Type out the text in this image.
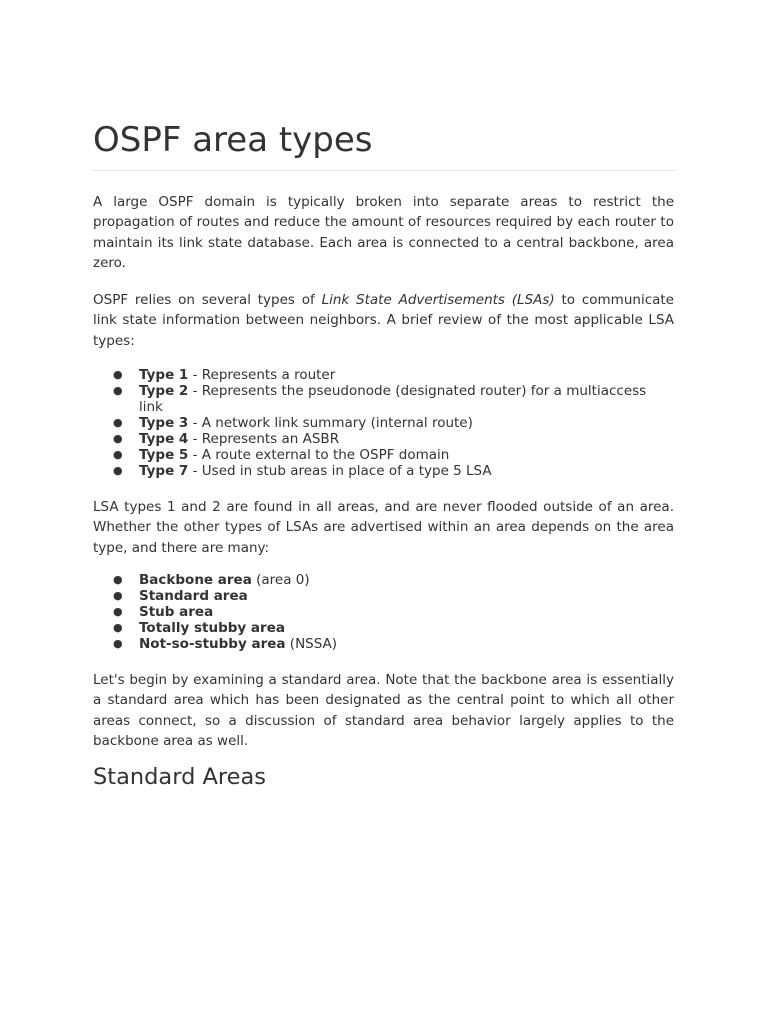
OSPF area types

A large OSPF domain is typically broken into separate areas to restrict the propagation of routes and reduce the amount of resources required by each router to maintain its link state database. Each area is connected to a central backbone, area zero.

OSPF relies on several types of Link State Advertisements (LSAs) to communicate link state information between neighbors. A brief review of the most applicable LSA types:

● Type 1 - Represents a router
● Type 2 - Represents the pseudonode (designated router) for a multiaccess link
● Type 3 - A network link summary (internal route)
● Type 4 - Represents an ASBR
● Type 5 - A route external to the OSPF domain
● Type 7 - Used in stub areas in place of a type 5 LSA

LSA types 1 and 2 are found in all areas, and are never flooded outside of an area. Whether the other types of LSAs are advertised within an area depends on the area type, and there are many:

● Backbone area (area 0)
● Standard area
● Stub area
● Totally stubby area
● Not-so-stubby area (NSSA)

Let's begin by examining a standard area. Note that the backbone area is essentially a standard area which has been designated as the central point to which all other areas connect, so a discussion of standard area behavior largely applies to the backbone area as well.

Standard Areas
